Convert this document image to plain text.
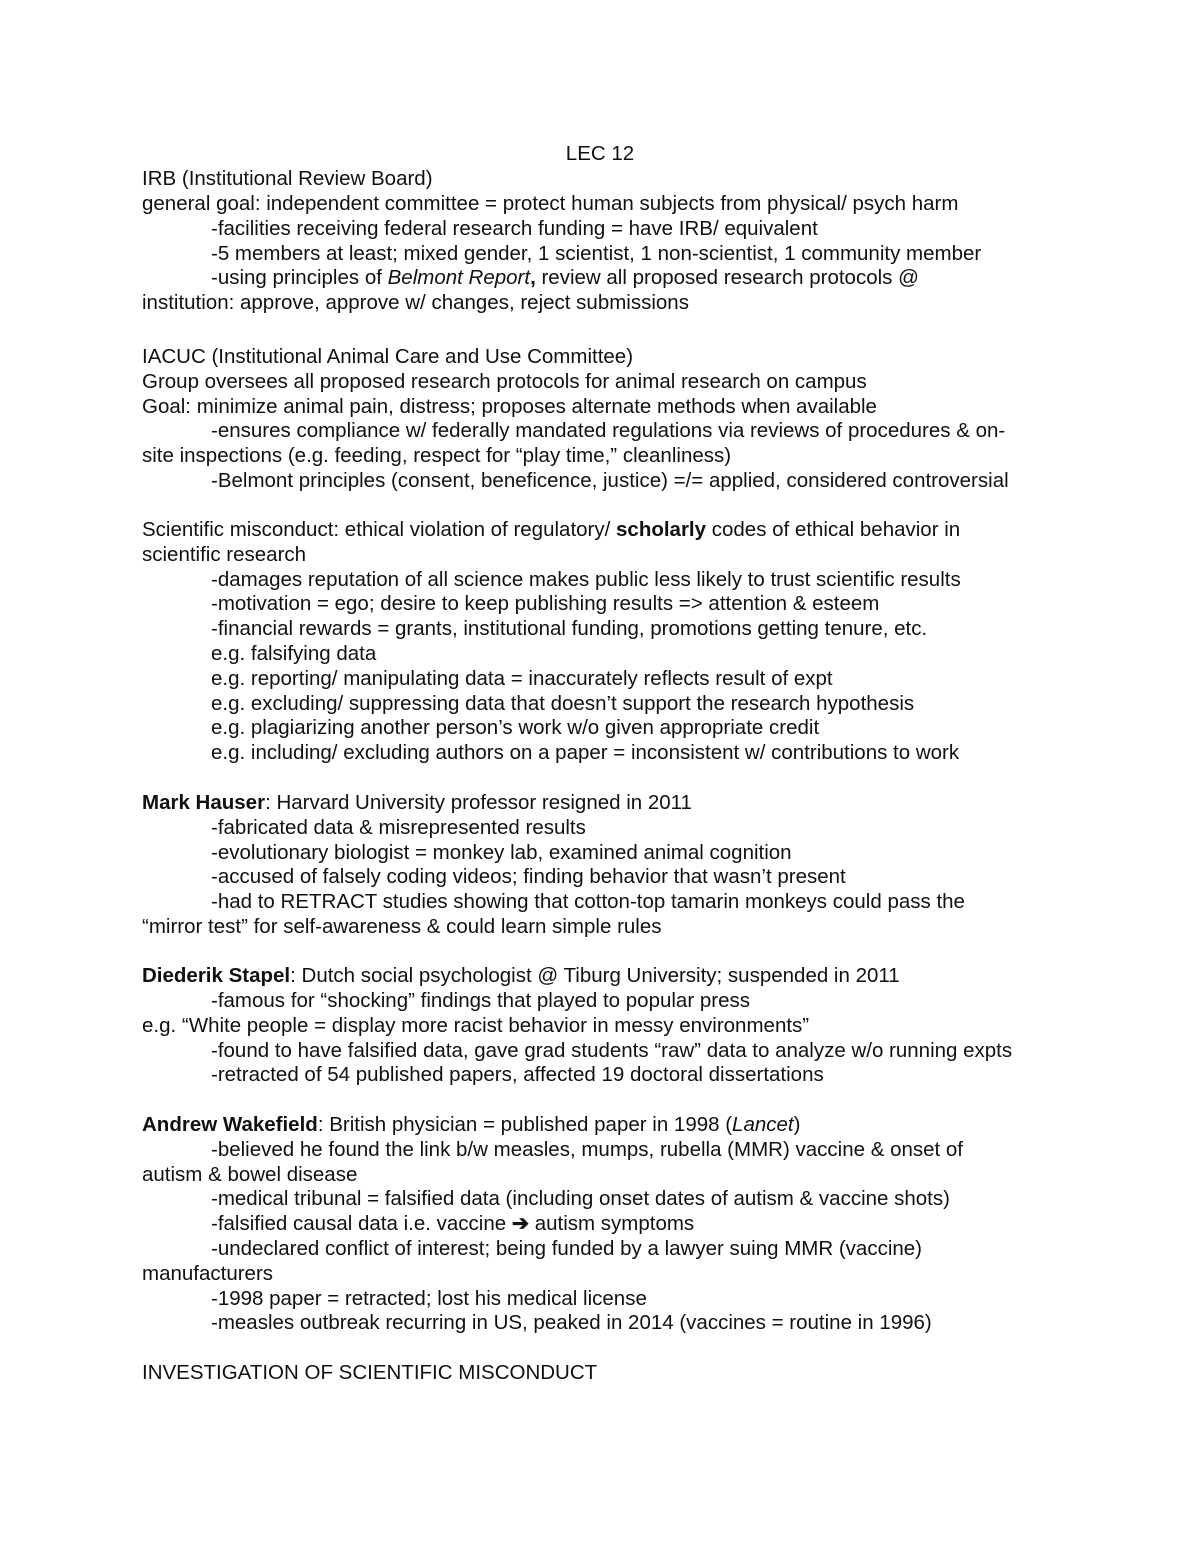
LEC 12
IRB (Institutional Review Board)
general goal: independent committee = protect human subjects from physical/ psych harm
-facilities receiving federal research funding = have IRB/ equivalent
-5 members at least; mixed gender, 1 scientist, 1 non-scientist, 1 community member
-using principles of Belmont Report, review all proposed research protocols @
institution: approve, approve w/ changes, reject submissions
IACUC (Institutional Animal Care and Use Committee)
Group oversees all proposed research protocols for animal research on campus
Goal: minimize animal pain, distress; proposes alternate methods when available
-ensures compliance w/ federally mandated regulations via reviews of procedures & on-
site inspections (e.g. feeding, respect for “play time,” cleanliness)
-Belmont principles (consent, beneficence, justice) =/= applied, considered controversial
Scientific misconduct: ethical violation of regulatory/ scholarly codes of ethical behavior in
scientific research
-damages reputation of all science makes public less likely to trust scientific results
-motivation = ego; desire to keep publishing results => attention & esteem
-financial rewards = grants, institutional funding, promotions getting tenure, etc.
e.g. falsifying data
e.g. reporting/ manipulating data = inaccurately reflects result of expt
e.g. excluding/ suppressing data that doesn’t support the research hypothesis
e.g. plagiarizing another person’s work w/o given appropriate credit
e.g. including/ excluding authors on a paper = inconsistent w/ contributions to work
Mark Hauser: Harvard University professor resigned in 2011
-fabricated data & misrepresented results
-evolutionary biologist = monkey lab, examined animal cognition
-accused of falsely coding videos; finding behavior that wasn’t present
-had to RETRACT studies showing that cotton-top tamarin monkeys could pass the
“mirror test” for self-awareness & could learn simple rules
Diederik Stapel: Dutch social psychologist @ Tiburg University; suspended in 2011
-famous for “shocking” findings that played to popular press
e.g. “White people = display more racist behavior in messy environments”
-found to have falsified data, gave grad students “raw” data to analyze w/o running expts
-retracted of 54 published papers, affected 19 doctoral dissertations
Andrew Wakefield: British physician = published paper in 1998 (Lancet)
-believed he found the link b/w measles, mumps, rubella (MMR) vaccine & onset of
autism & bowel disease
-medical tribunal = falsified data (including onset dates of autism & vaccine shots)
-falsified causal data i.e. vaccine ➔ autism symptoms
-undeclared conflict of interest; being funded by a lawyer suing MMR (vaccine)
manufacturers
-1998 paper = retracted; lost his medical license
-measles outbreak recurring in US, peaked in 2014 (vaccines = routine in 1996)
INVESTIGATION OF SCIENTIFIC MISCONDUCT
